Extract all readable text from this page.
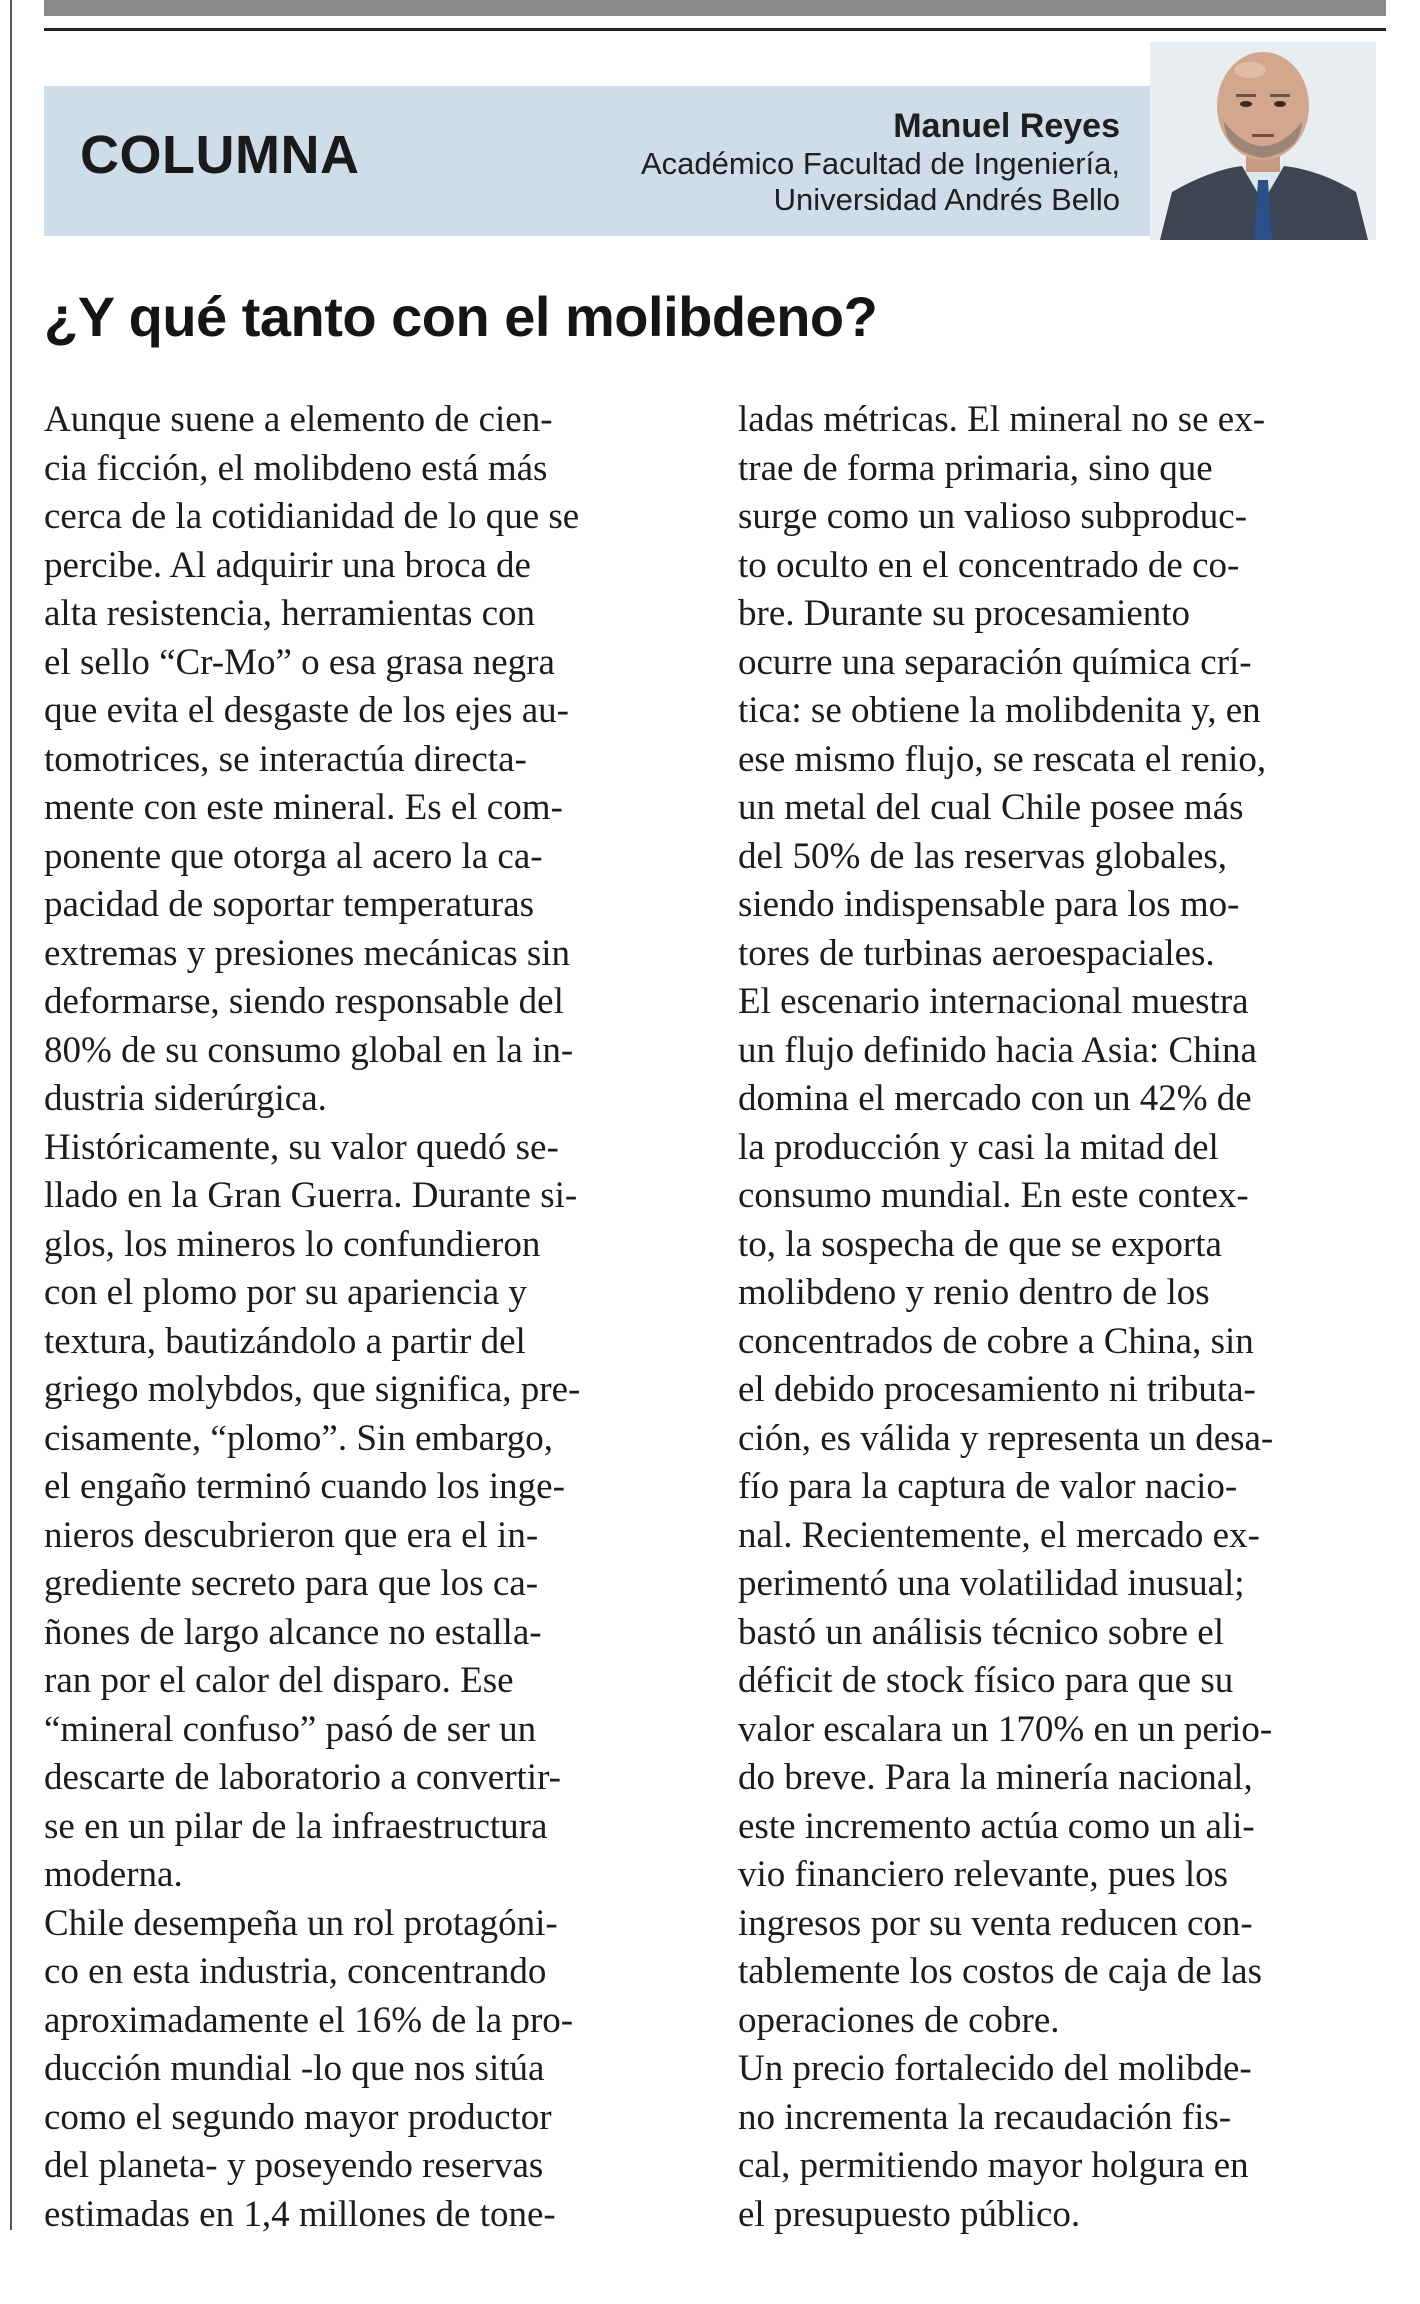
COLUMNA	Manuel Reyes
Académico Facultad de Ingeniería,
Universidad Andrés Bello
¿Y qué tanto con el molibdeno?
Aunque suene a elemento de cien-
cia ficción, el molibdeno está más
cerca de la cotidianidad de lo que se
percibe. Al adquirir una broca de
alta resistencia, herramientas con
el sello “Cr-Mo” o esa grasa negra
que evita el desgaste de los ejes au-
tomotrices, se interactúa directa-
mente con este mineral. Es el com-
ponente que otorga al acero la ca-
pacidad de soportar temperaturas
extremas y presiones mecánicas sin
deformarse, siendo responsable del
80% de su consumo global en la in-
dustria siderúrgica.
Históricamente, su valor quedó se-
llado en la Gran Guerra. Durante si-
glos, los mineros lo confundieron
con el plomo por su apariencia y
textura, bautizándolo a partir del
griego molybdos, que significa, pre-
cisamente, “plomo”. Sin embargo,
el engaño terminó cuando los inge-
nieros descubrieron que era el in-
grediente secreto para que los ca-
ñones de largo alcance no estalla-
ran por el calor del disparo. Ese
“mineral confuso” pasó de ser un
descarte de laboratorio a convertir-
se en un pilar de la infraestructura
moderna.
Chile desempeña un rol protagóni-
co en esta industria, concentrando
aproximadamente el 16% de la pro-
ducción mundial -lo que nos sitúa
como el segundo mayor productor
del planeta- y poseyendo reservas
estimadas en 1,4 millones de tone-
ladas métricas. El mineral no se ex-
trae de forma primaria, sino que
surge como un valioso subproduc-
to oculto en el concentrado de co-
bre. Durante su procesamiento
ocurre una separación química crí-
tica: se obtiene la molibdenita y, en
ese mismo flujo, se rescata el renio,
un metal del cual Chile posee más
del 50% de las reservas globales,
siendo indispensable para los mo-
tores de turbinas aeroespaciales.
El escenario internacional muestra
un flujo definido hacia Asia: China
domina el mercado con un 42% de
la producción y casi la mitad del
consumo mundial. En este contex-
to, la sospecha de que se exporta
molibdeno y renio dentro de los
concentrados de cobre a China, sin
el debido procesamiento ni tributa-
ción, es válida y representa un desa-
fío para la captura de valor nacio-
nal. Recientemente, el mercado ex-
perimentó una volatilidad inusual;
bastó un análisis técnico sobre el
déficit de stock físico para que su
valor escalara un 170% en un perio-
do breve. Para la minería nacional,
este incremento actúa como un ali-
vio financiero relevante, pues los
ingresos por su venta reducen con-
tablemente los costos de caja de las
operaciones de cobre.
Un precio fortalecido del molibde-
no incrementa la recaudación fis-
cal, permitiendo mayor holgura en
el presupuesto público.
